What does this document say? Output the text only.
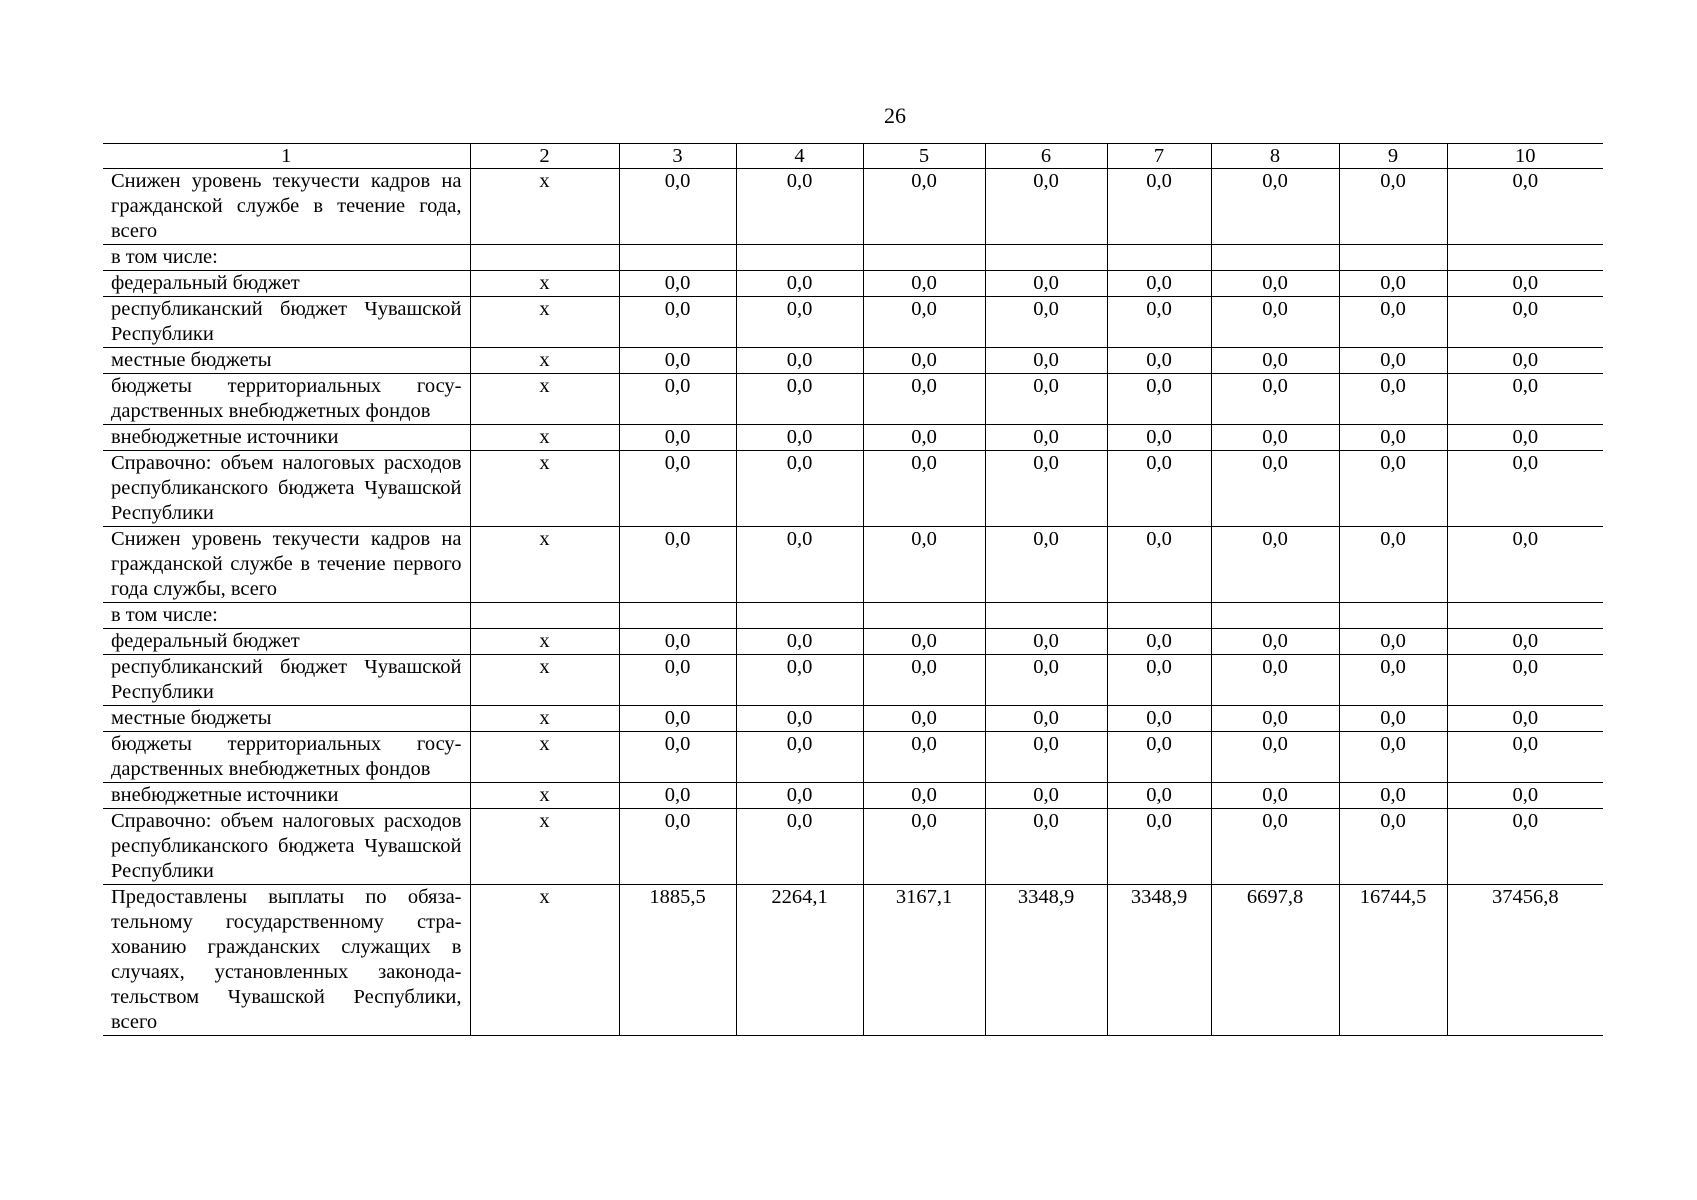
26
1	2	3	4	5	6	7	8	9	10
Снижен уровень текучести кадров на гражданской службе в течение года, всего	х	0,0	0,0	0,0	0,0	0,0	0,0	0,0	0,0
в том числе:									
федеральный бюджет	х	0,0	0,0	0,0	0,0	0,0	0,0	0,0	0,0
республиканский бюджет Чувашской Республики	х	0,0	0,0	0,0	0,0	0,0	0,0	0,0	0,0
местные бюджеты	х	0,0	0,0	0,0	0,0	0,0	0,0	0,0	0,0
бюджеты территориальных государственных внебюджетных фондов	х	0,0	0,0	0,0	0,0	0,0	0,0	0,0	0,0
внебюджетные источники	х	0,0	0,0	0,0	0,0	0,0	0,0	0,0	0,0
Справочно: объем налоговых расходов республиканского бюджета Чувашской Республики	х	0,0	0,0	0,0	0,0	0,0	0,0	0,0	0,0
Снижен уровень текучести кадров на гражданской службе в течение первого года службы, всего	х	0,0	0,0	0,0	0,0	0,0	0,0	0,0	0,0
в том числе:									
федеральный бюджет	х	0,0	0,0	0,0	0,0	0,0	0,0	0,0	0,0
республиканский бюджет Чувашской Республики	х	0,0	0,0	0,0	0,0	0,0	0,0	0,0	0,0
местные бюджеты	х	0,0	0,0	0,0	0,0	0,0	0,0	0,0	0,0
бюджеты территориальных государственных внебюджетных фондов	х	0,0	0,0	0,0	0,0	0,0	0,0	0,0	0,0
внебюджетные источники	х	0,0	0,0	0,0	0,0	0,0	0,0	0,0	0,0
Справочно: объем налоговых расходов республиканского бюджета Чувашской Республики	х	0,0	0,0	0,0	0,0	0,0	0,0	0,0	0,0
Предоставлены выплаты по обязательному государственному страхованию гражданских служащих в случаях, установленных законодательством Чувашской Республики, всего	х	1885,5	2264,1	3167,1	3348,9	3348,9	6697,8	16744,5	37456,8
